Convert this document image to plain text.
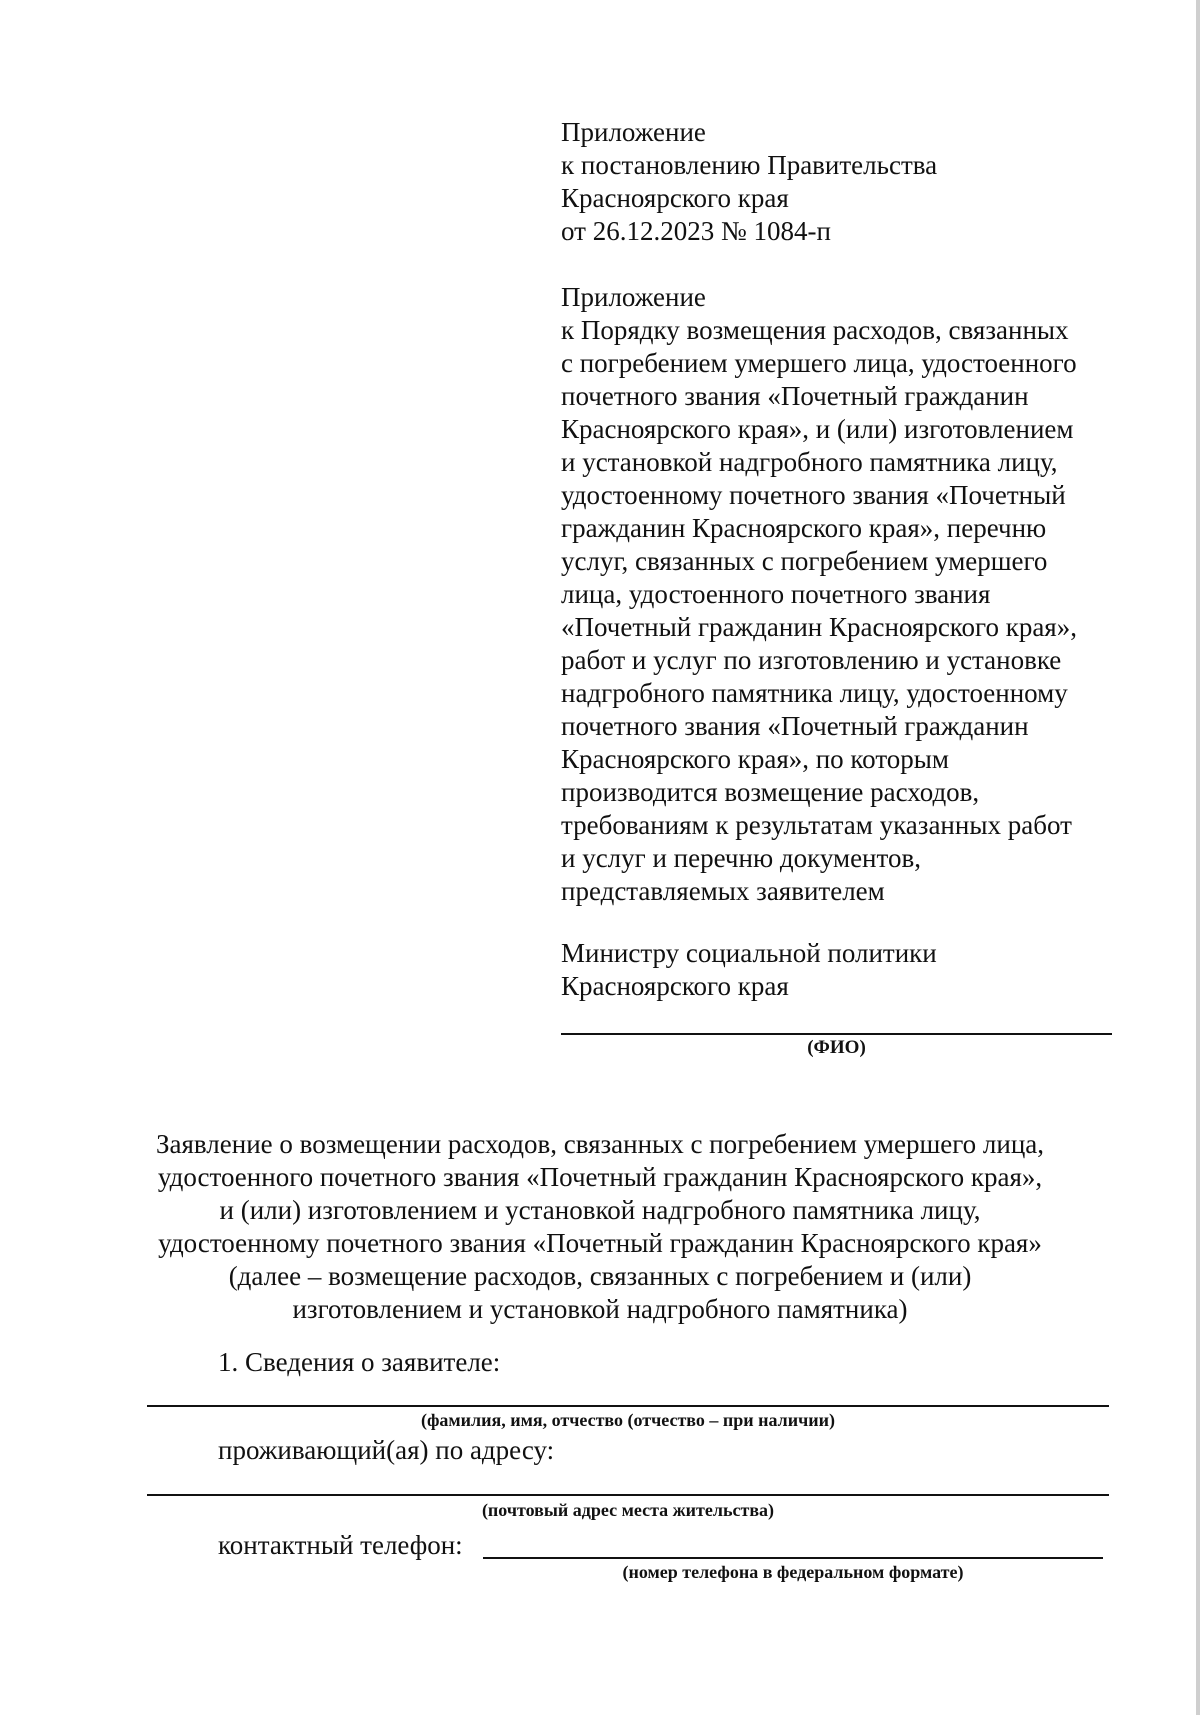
Приложение
к постановлению Правительства
Красноярского края
от 26.12.2023 № 1084-п
Приложение
к Порядку возмещения расходов, связанных
с погребением умершего лица, удостоенного
почетного звания «Почетный гражданин
Красноярского края», и (или) изготовлением
и установкой надгробного памятника лицу,
удостоенному почетного звания «Почетный
гражданин Красноярского края», перечню
услуг, связанных с погребением умершего
лица, удостоенного почетного звания
«Почетный гражданин Красноярского края»,
работ и услуг по изготовлению и установке
надгробного памятника лицу, удостоенному
почетного звания «Почетный гражданин
Красноярского края», по которым
производится возмещение расходов,
требованиям к результатам указанных работ
и услуг и перечню документов,
представляемых заявителем
Министру социальной политики
Красноярского края
(ФИО)
Заявление о возмещении расходов, связанных с погребением умершего лица,
удостоенного почетного звания «Почетный гражданин Красноярского края»,
и (или) изготовлением и установкой надгробного памятника лицу,
удостоенному почетного звания «Почетный гражданин Красноярского края»
(далее – возмещение расходов, связанных с погребением и (или)
изготовлением и установкой надгробного памятника)
1. Сведения о заявителе:
(фамилия, имя, отчество (отчество – при наличии)
проживающий(ая) по адресу:
(почтовый адрес места жительства)
контактный телефон:
(номер телефона в федеральном формате)
